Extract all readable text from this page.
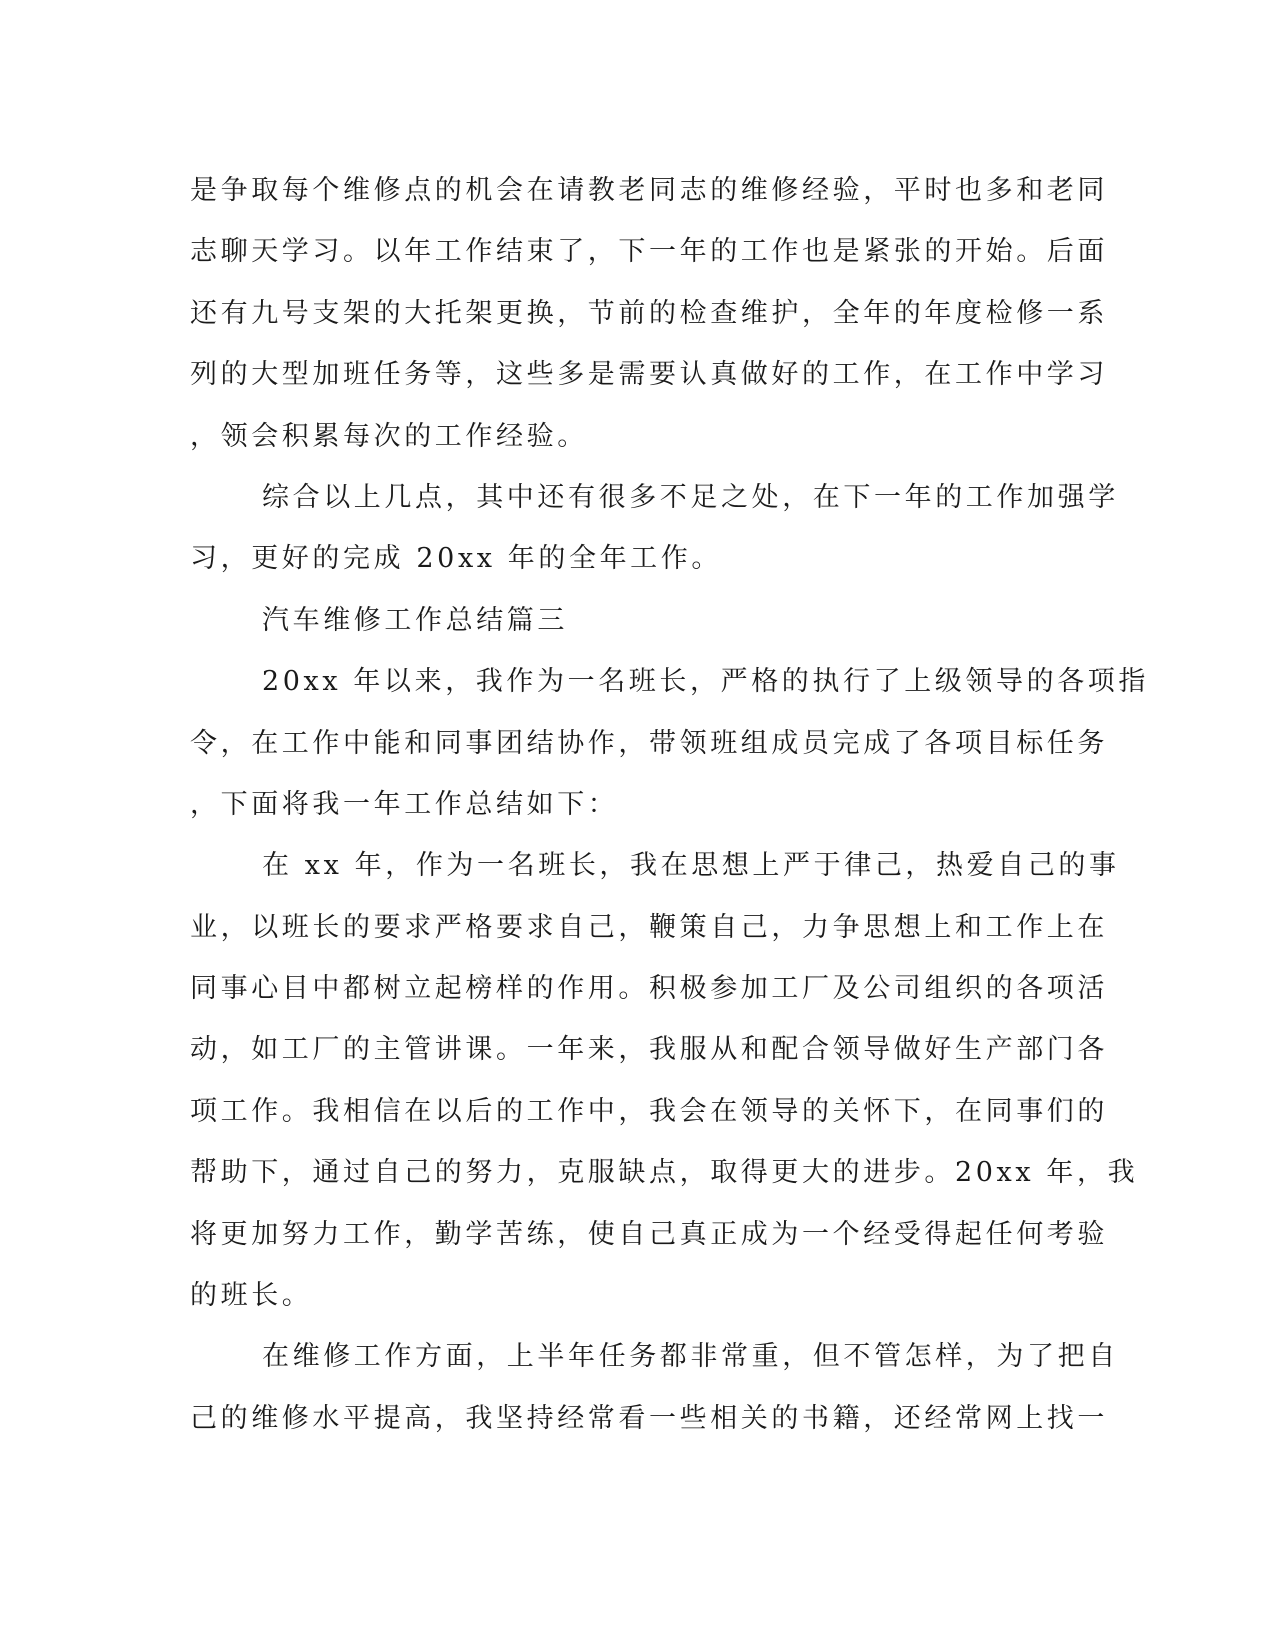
是争取每个维修点的机会在请教老同志的维修经验，平时也多和老同
志聊天学习。以年工作结束了，下一年的工作也是紧张的开始。后面
还有九号支架的大托架更换，节前的检查维护，全年的年度检修一系
列的大型加班任务等，这些多是需要认真做好的工作，在工作中学习
，领会积累每次的工作经验。
综合以上几点，其中还有很多不足之处，在下一年的工作加强学
习，更好的完成 20xx 年的全年工作。
汽车维修工作总结篇三
20xx 年以来，我作为一名班长，严格的执行了上级领导的各项指
令，在工作中能和同事团结协作，带领班组成员完成了各项目标任务
，下面将我一年工作总结如下：
在 xx 年，作为一名班长，我在思想上严于律己，热爱自己的事
业，以班长的要求严格要求自己，鞭策自己，力争思想上和工作上在
同事心目中都树立起榜样的作用。积极参加工厂及公司组织的各项活
动，如工厂的主管讲课。一年来，我服从和配合领导做好生产部门各
项工作。我相信在以后的工作中，我会在领导的关怀下，在同事们的
帮助下，通过自己的努力，克服缺点，取得更大的进步。20xx 年，我
将更加努力工作，勤学苦练，使自己真正成为一个经受得起任何考验
的班长。
在维修工作方面，上半年任务都非常重，但不管怎样，为了把自
己的维修水平提高，我坚持经常看一些相关的书籍，还经常网上找一
